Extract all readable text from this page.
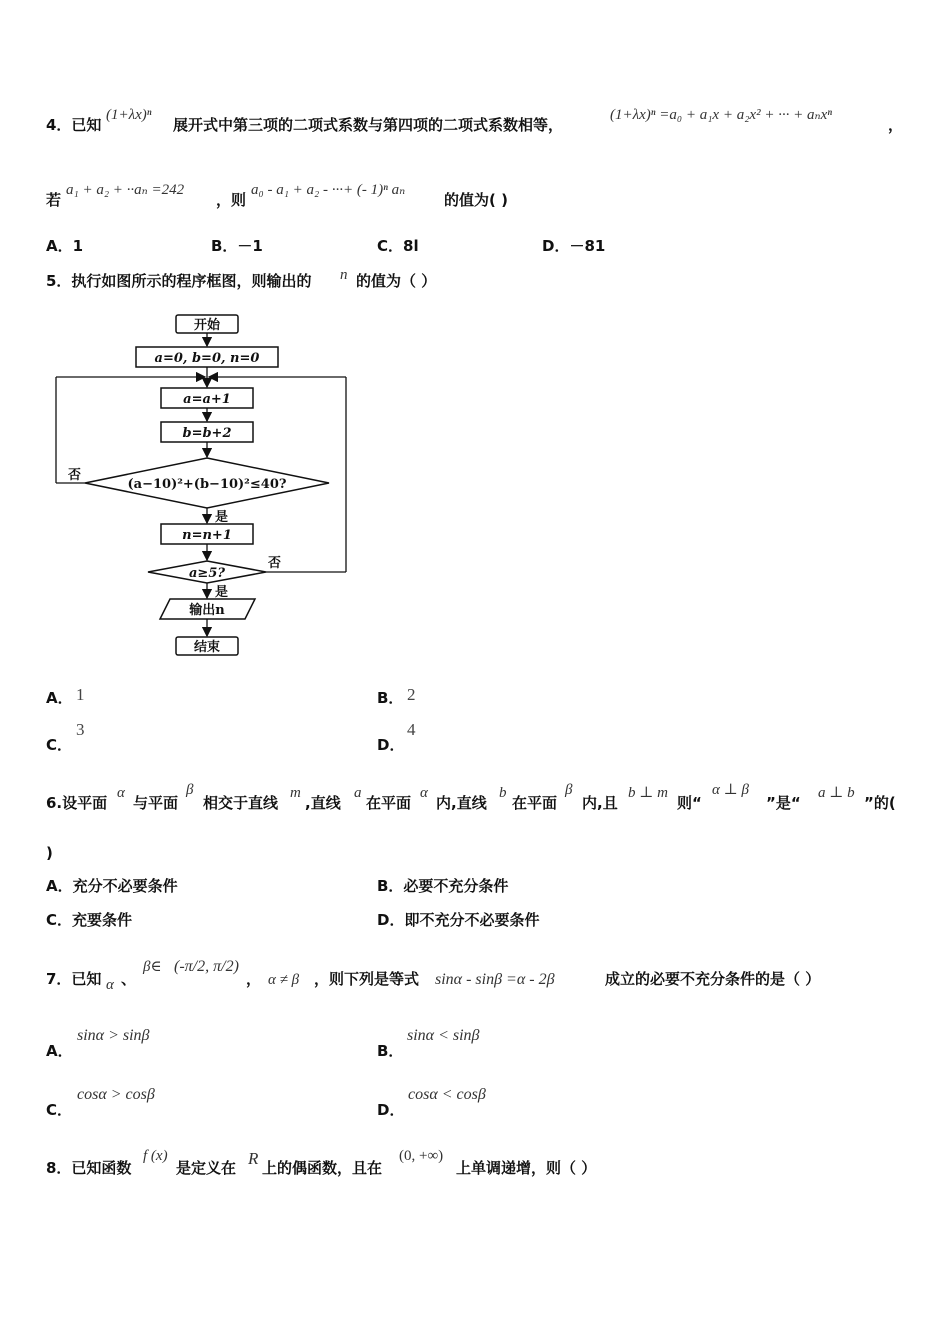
4．已知
(1+λx)ⁿ
展开式中第三项的二项式系数与第四项的二项式系数相等，
(1+λx)ⁿ =a₀ + a₁x + a₂x² + ··· + aₙxⁿ
，
若
a₁ + a₂ + ··aₙ =242
，则
a₀ - a₁ + a₂ - ···+ (- 1)ⁿ aₙ
的值为( )
A．1	B．－1	C．8l	D．－81
5．执行如图所示的程序框图，则输出的 n 的值为（ ）
开始
a=0, b=0, n=0
a=a+1
b=b+2
(a−10)²+(b−10)²≤40?
否
是
n=n+1
a≥5?
否
是
输出n
结束
A． 1	B． 2
C．
3
D．
4
6.设平面
α
与平面
β
相交于直线
m
,直线
a
在平面
α
内,直线
b
在平面
β
内,且
b ⊥ m
则“
α ⊥ β
”是“
a ⊥ b
”的(
)
A．充分不必要条件	B．必要不充分条件
C．充要条件	D．即不充分不必要条件
7．已知 α 、
β∈ (-π/2, π/2)
， α ≠ β ，则下列是等式 sinα - sinβ =α - 2β	成立的必要不充分条件的是（ ）
A．
sinα > sinβ
B．
sinα < sinβ
C．
cosα > cosβ
D．
cosα < cosβ
8．已知函数
f (x)
是定义在 R 上的偶函数，且在
(0, +∞)
上单调递增，则（ ）
